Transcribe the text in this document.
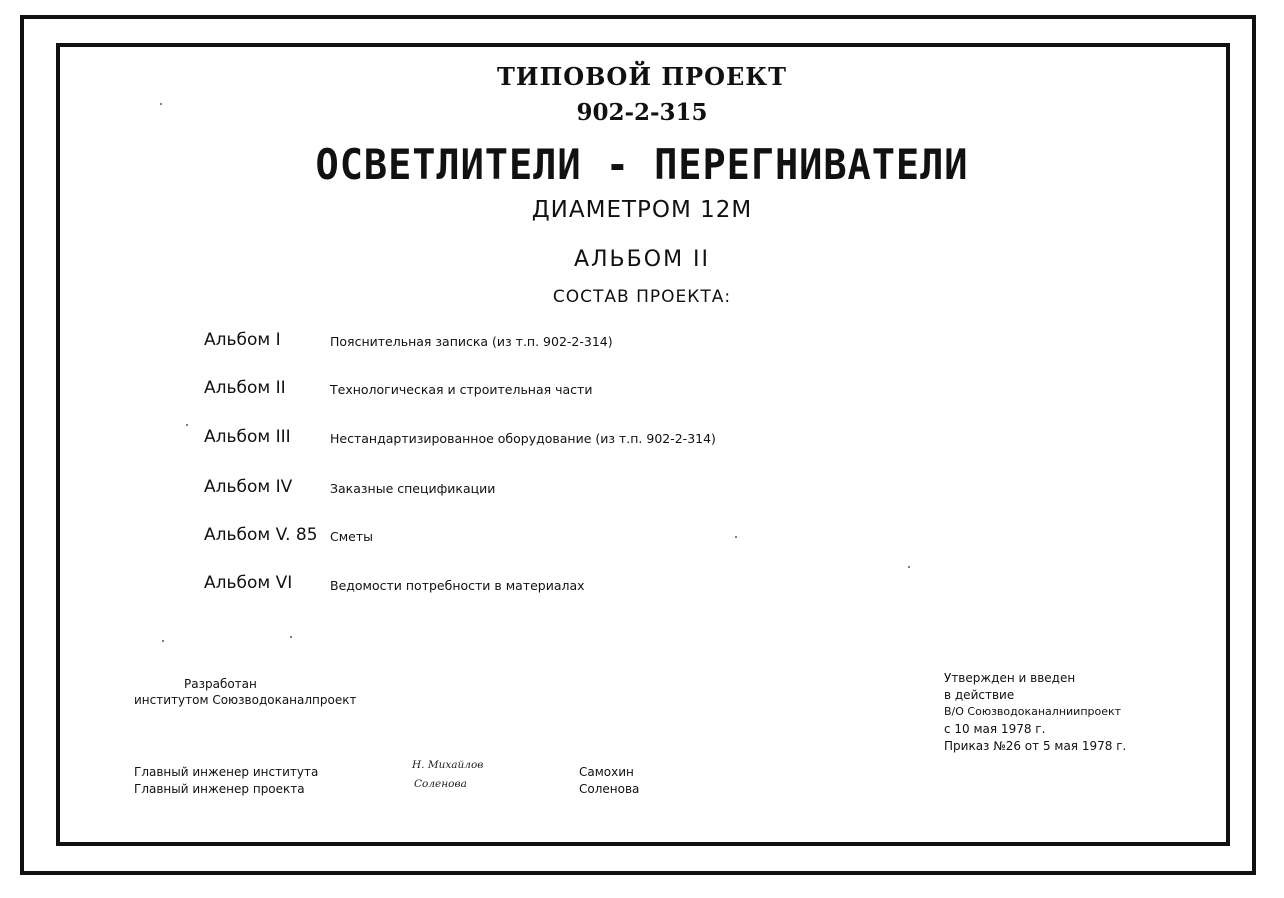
ТИПОВОЙ ПРОЕКТ
902-2-315
ОСВЕТЛИТЕЛИ - ПЕРЕГНИВАТЕЛИ
ДИАМЕТРОМ 12М
АЛЬБОМ II
СОСТАВ ПРОЕКТА:
Альбом I	Пояснительная записка (из т.п. 902-2-314)
Альбом II	Технологическая и строительная части
Альбом III	Нестандартизированное оборудование (из т.п. 902-2-314)
Альбом IV	Заказные спецификации
Альбом V. 85 Сметы
Альбом VI	Ведомости потребности в материалах
Разработан
институтом Союзводоканалпроект
Утвержден и введен
в действие
В/О Союзводоканалниипроект
с 10 мая 1978 г.
Приказ №26 от 5 мая 1978 г.
Главный инженер института	Н. Михайлов	Самохин
Главный инженер проекта	Соленова	Соленова
